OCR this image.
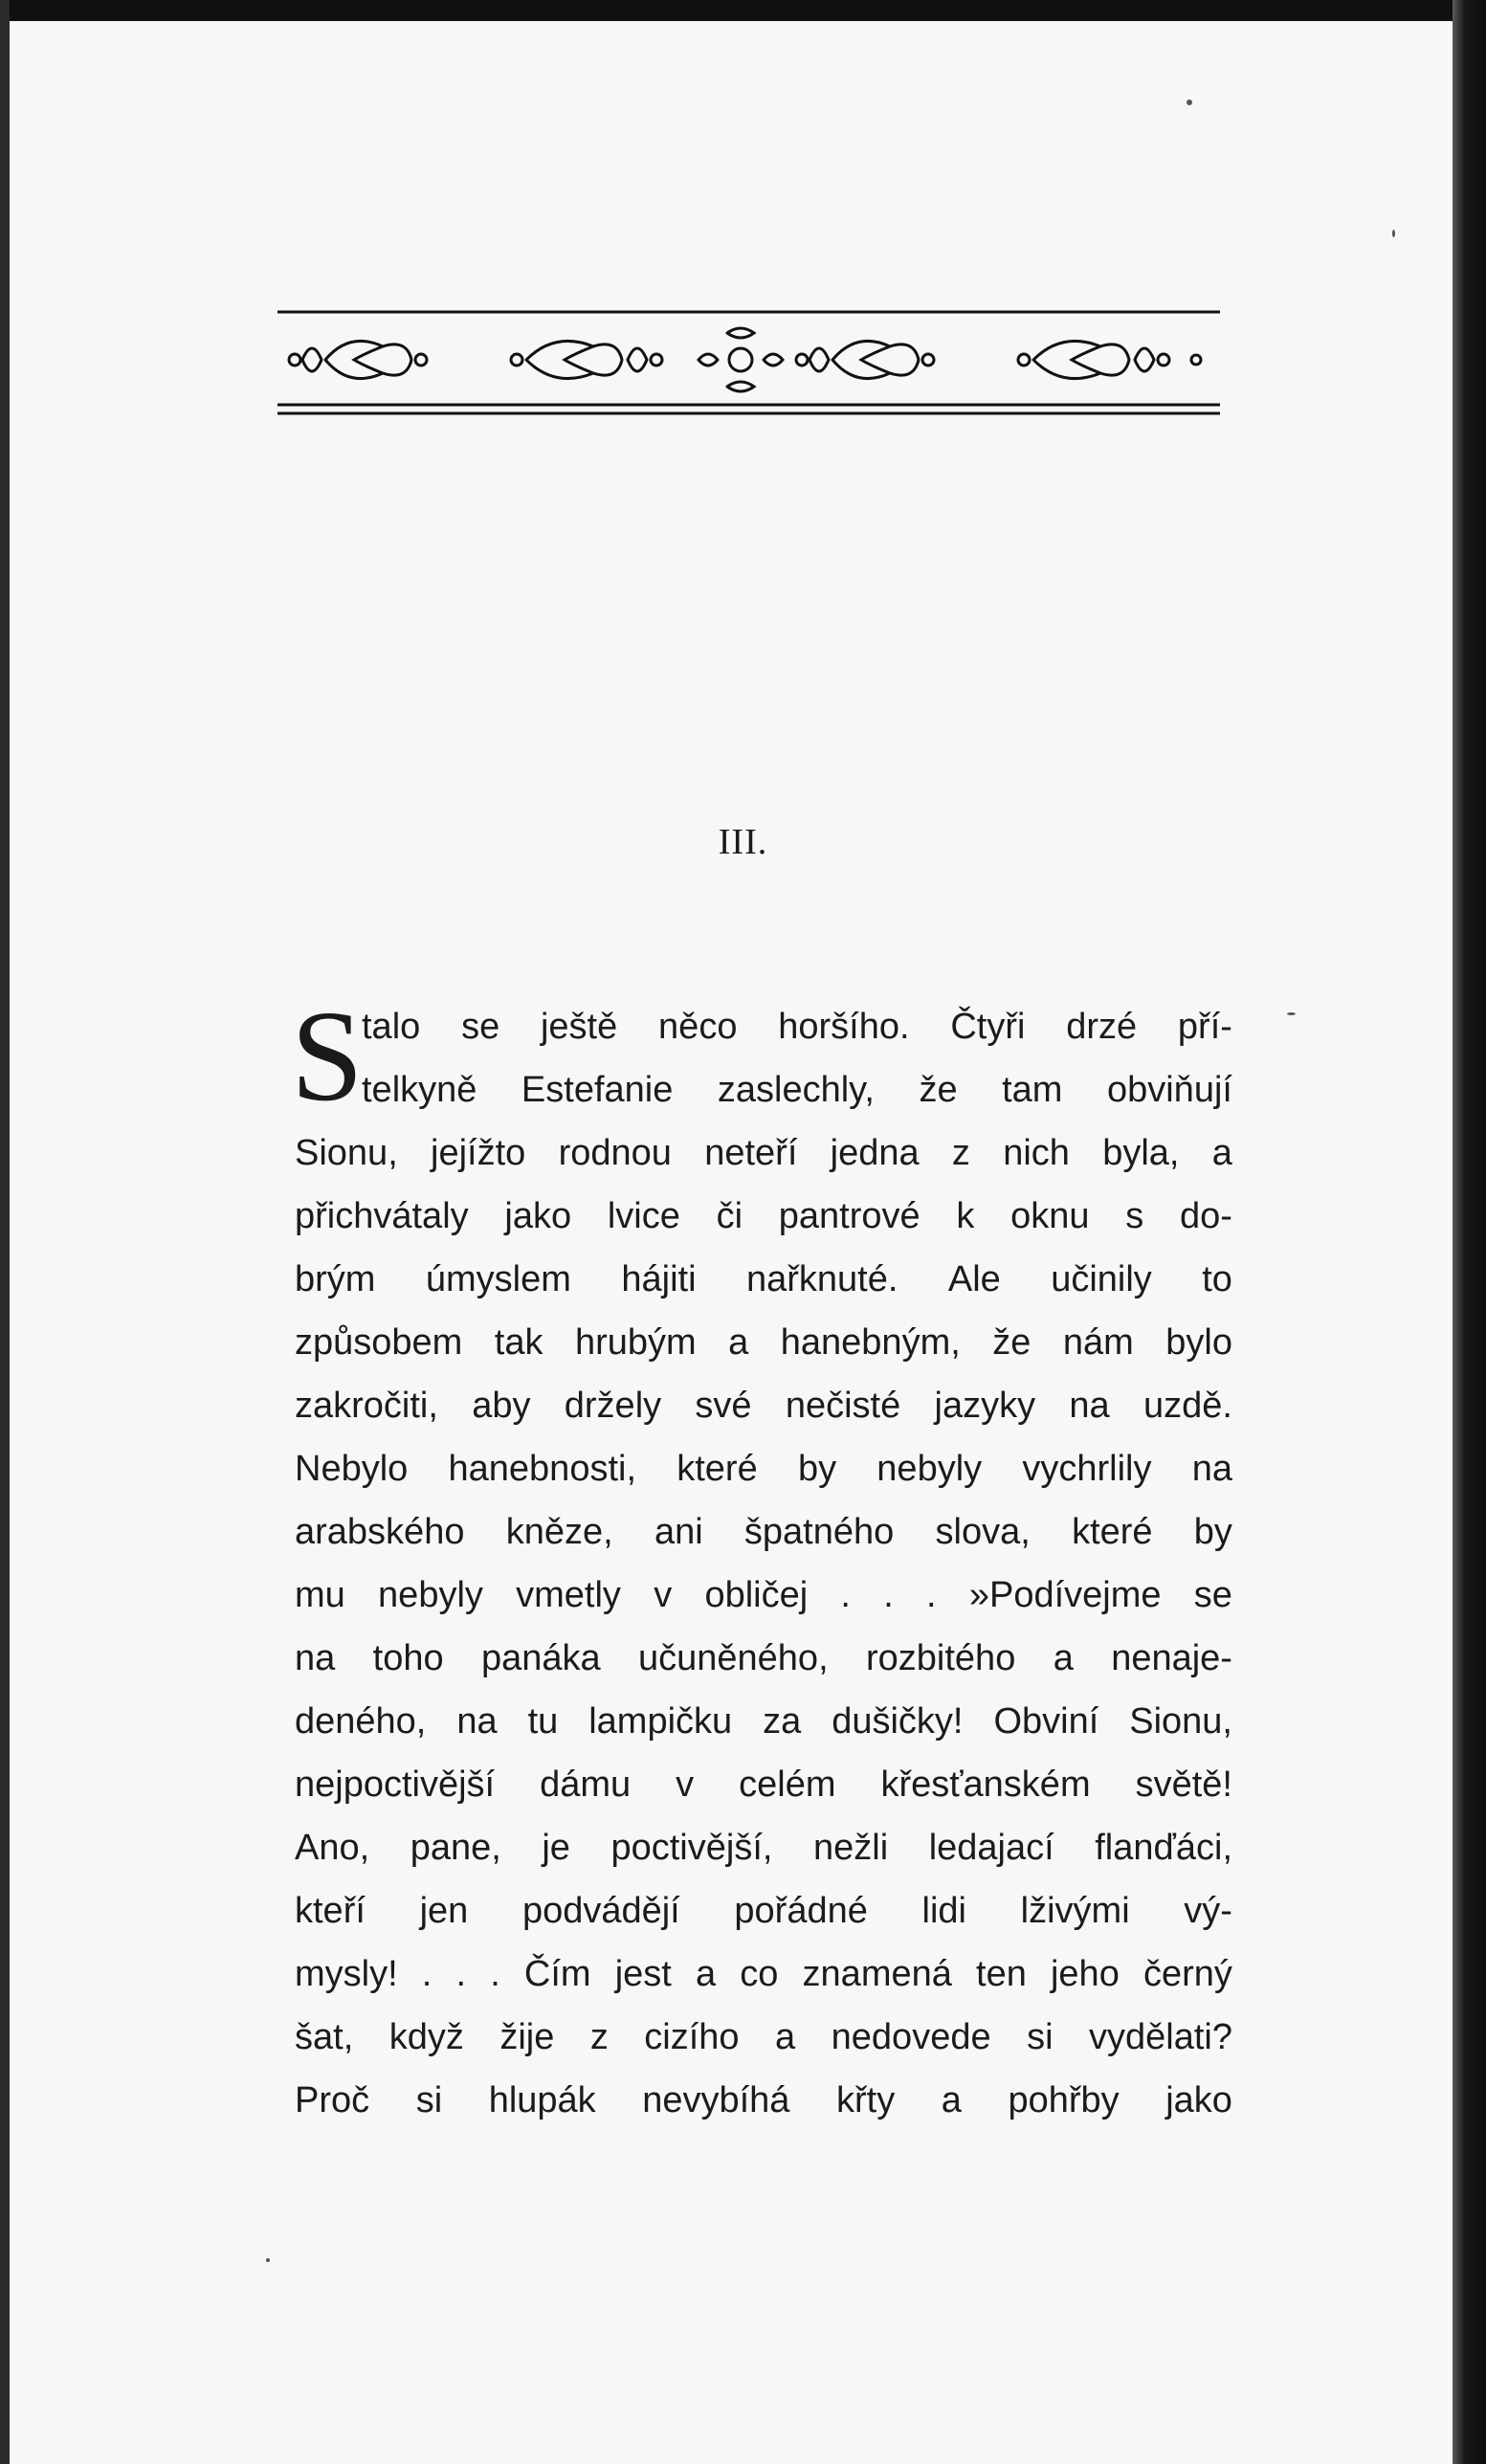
III.
S
talo se ještě něco horšího. Čtyři drzé pří-
telkyně Estefanie zaslechly, že tam obviňují
Sionu, jejížto rodnou neteří jedna z nich byla, a
přichvátaly jako lvice či pantrové k oknu s do-
brým úmyslem hájiti nařknuté. Ale učinily to
způsobem tak hrubým a hanebným, že nám bylo
zakročiti, aby držely své nečisté jazyky na uzdě.
Nebylo hanebnosti, které by nebyly vychrlily na
arabského kněze, ani špatného slova, které by
mu nebyly vmetly v obličej . . . »Podívejme se
na toho panáka učuněného, rozbitého a nenaje-
deného, na tu lampičku za dušičky! Obviní Sionu,
nejpoctivější dámu v celém křesťanském světě!
Ano, pane, je poctivější, nežli ledajací flanďáci,
kteří jen podvádějí pořádné lidi lživými vý-
mysly! . . . Čím jest a co znamená ten jeho černý
šat, když žije z cizího a nedovede si vydělati?
Proč si hlupák nevybíhá křty a pohřby jako
